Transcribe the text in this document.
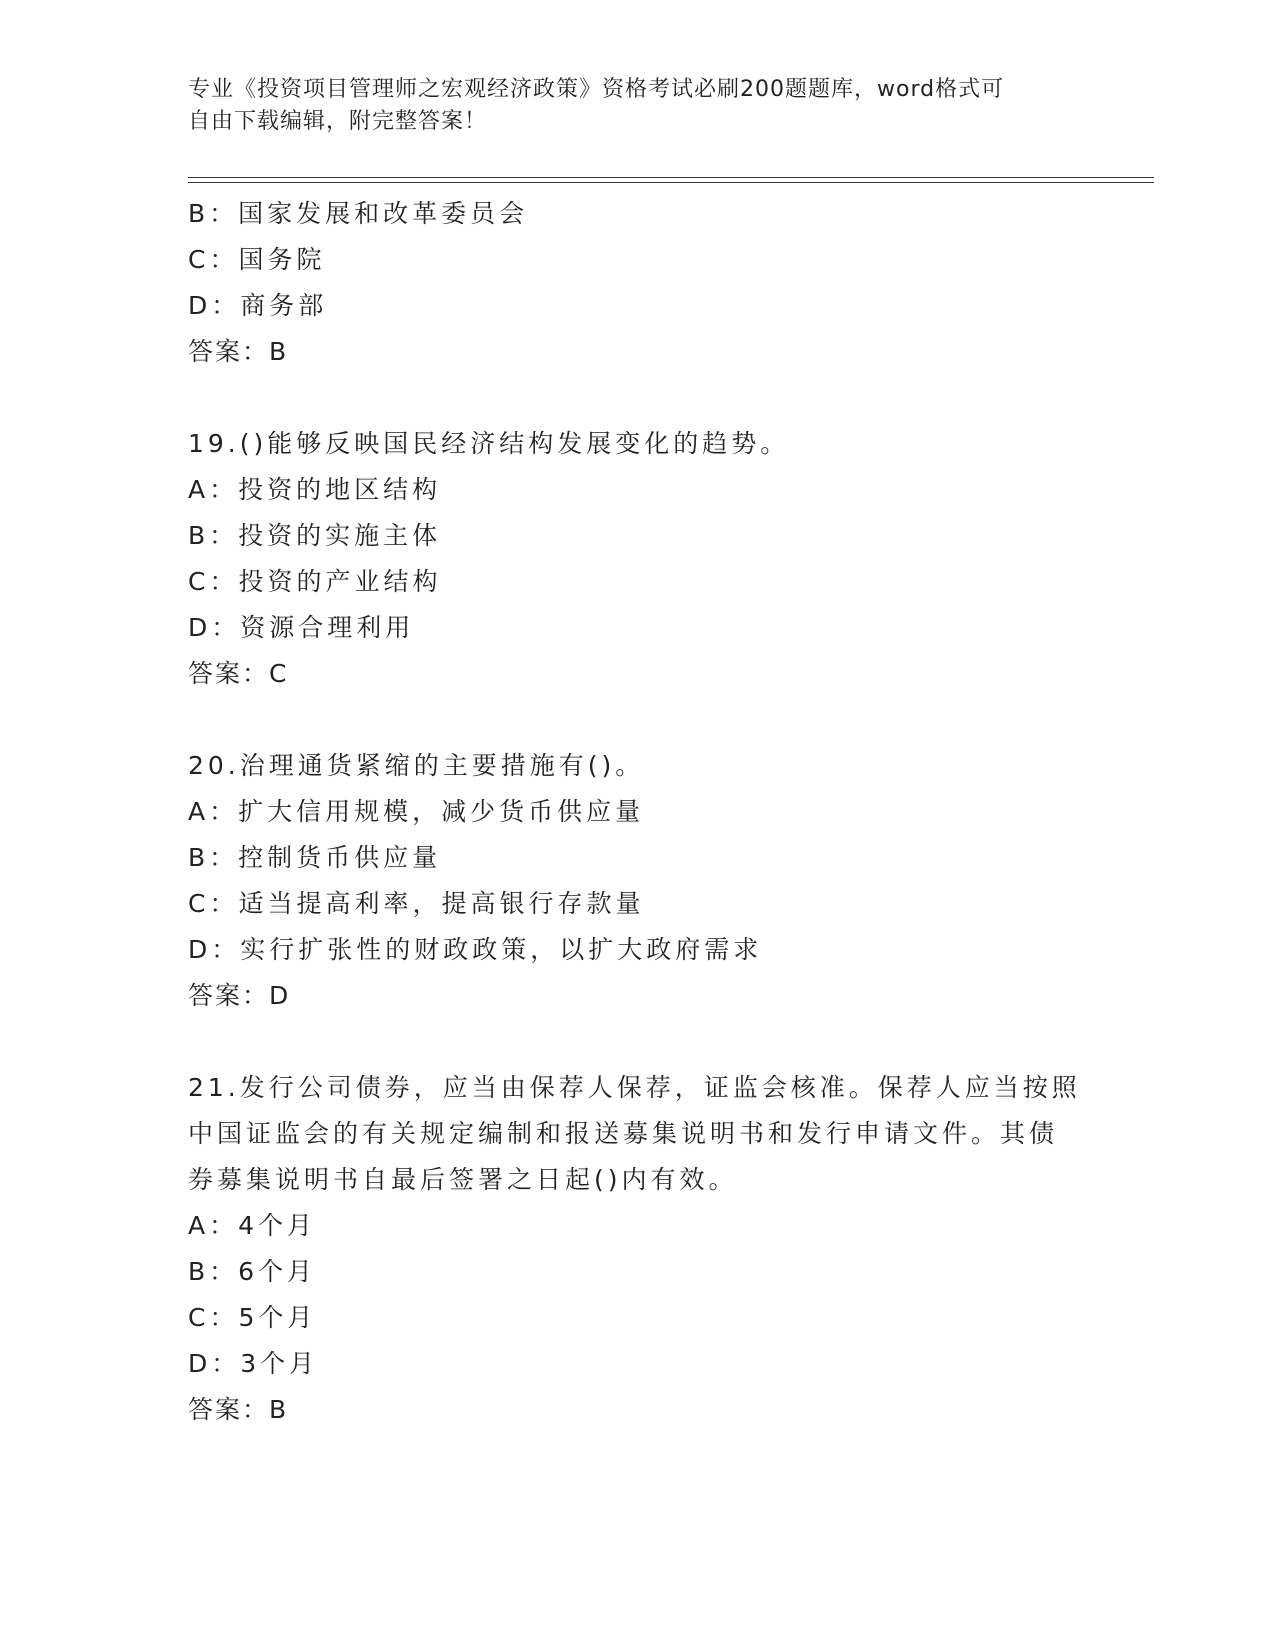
专业《投资项目管理师之宏观经济政策》资格考试必刷200题题库，word格式可
自由下载编辑，附完整答案！
B：国家发展和改革委员会
C：国务院
D：商务部
答案：B
19.()能够反映国民经济结构发展变化的趋势。
A：投资的地区结构
B：投资的实施主体
C：投资的产业结构
D：资源合理利用
答案：C
20.治理通货紧缩的主要措施有()。
A：扩大信用规模，减少货币供应量
B：控制货币供应量
C：适当提高利率，提高银行存款量
D：实行扩张性的财政政策，以扩大政府需求
答案：D
21.发行公司债券，应当由保荐人保荐，证监会核准。保荐人应当按照
中国证监会的有关规定编制和报送募集说明书和发行申请文件。其债
券募集说明书自最后签署之日起()内有效。
A：4个月
B：6个月
C：5个月
D：3个月
答案：B
